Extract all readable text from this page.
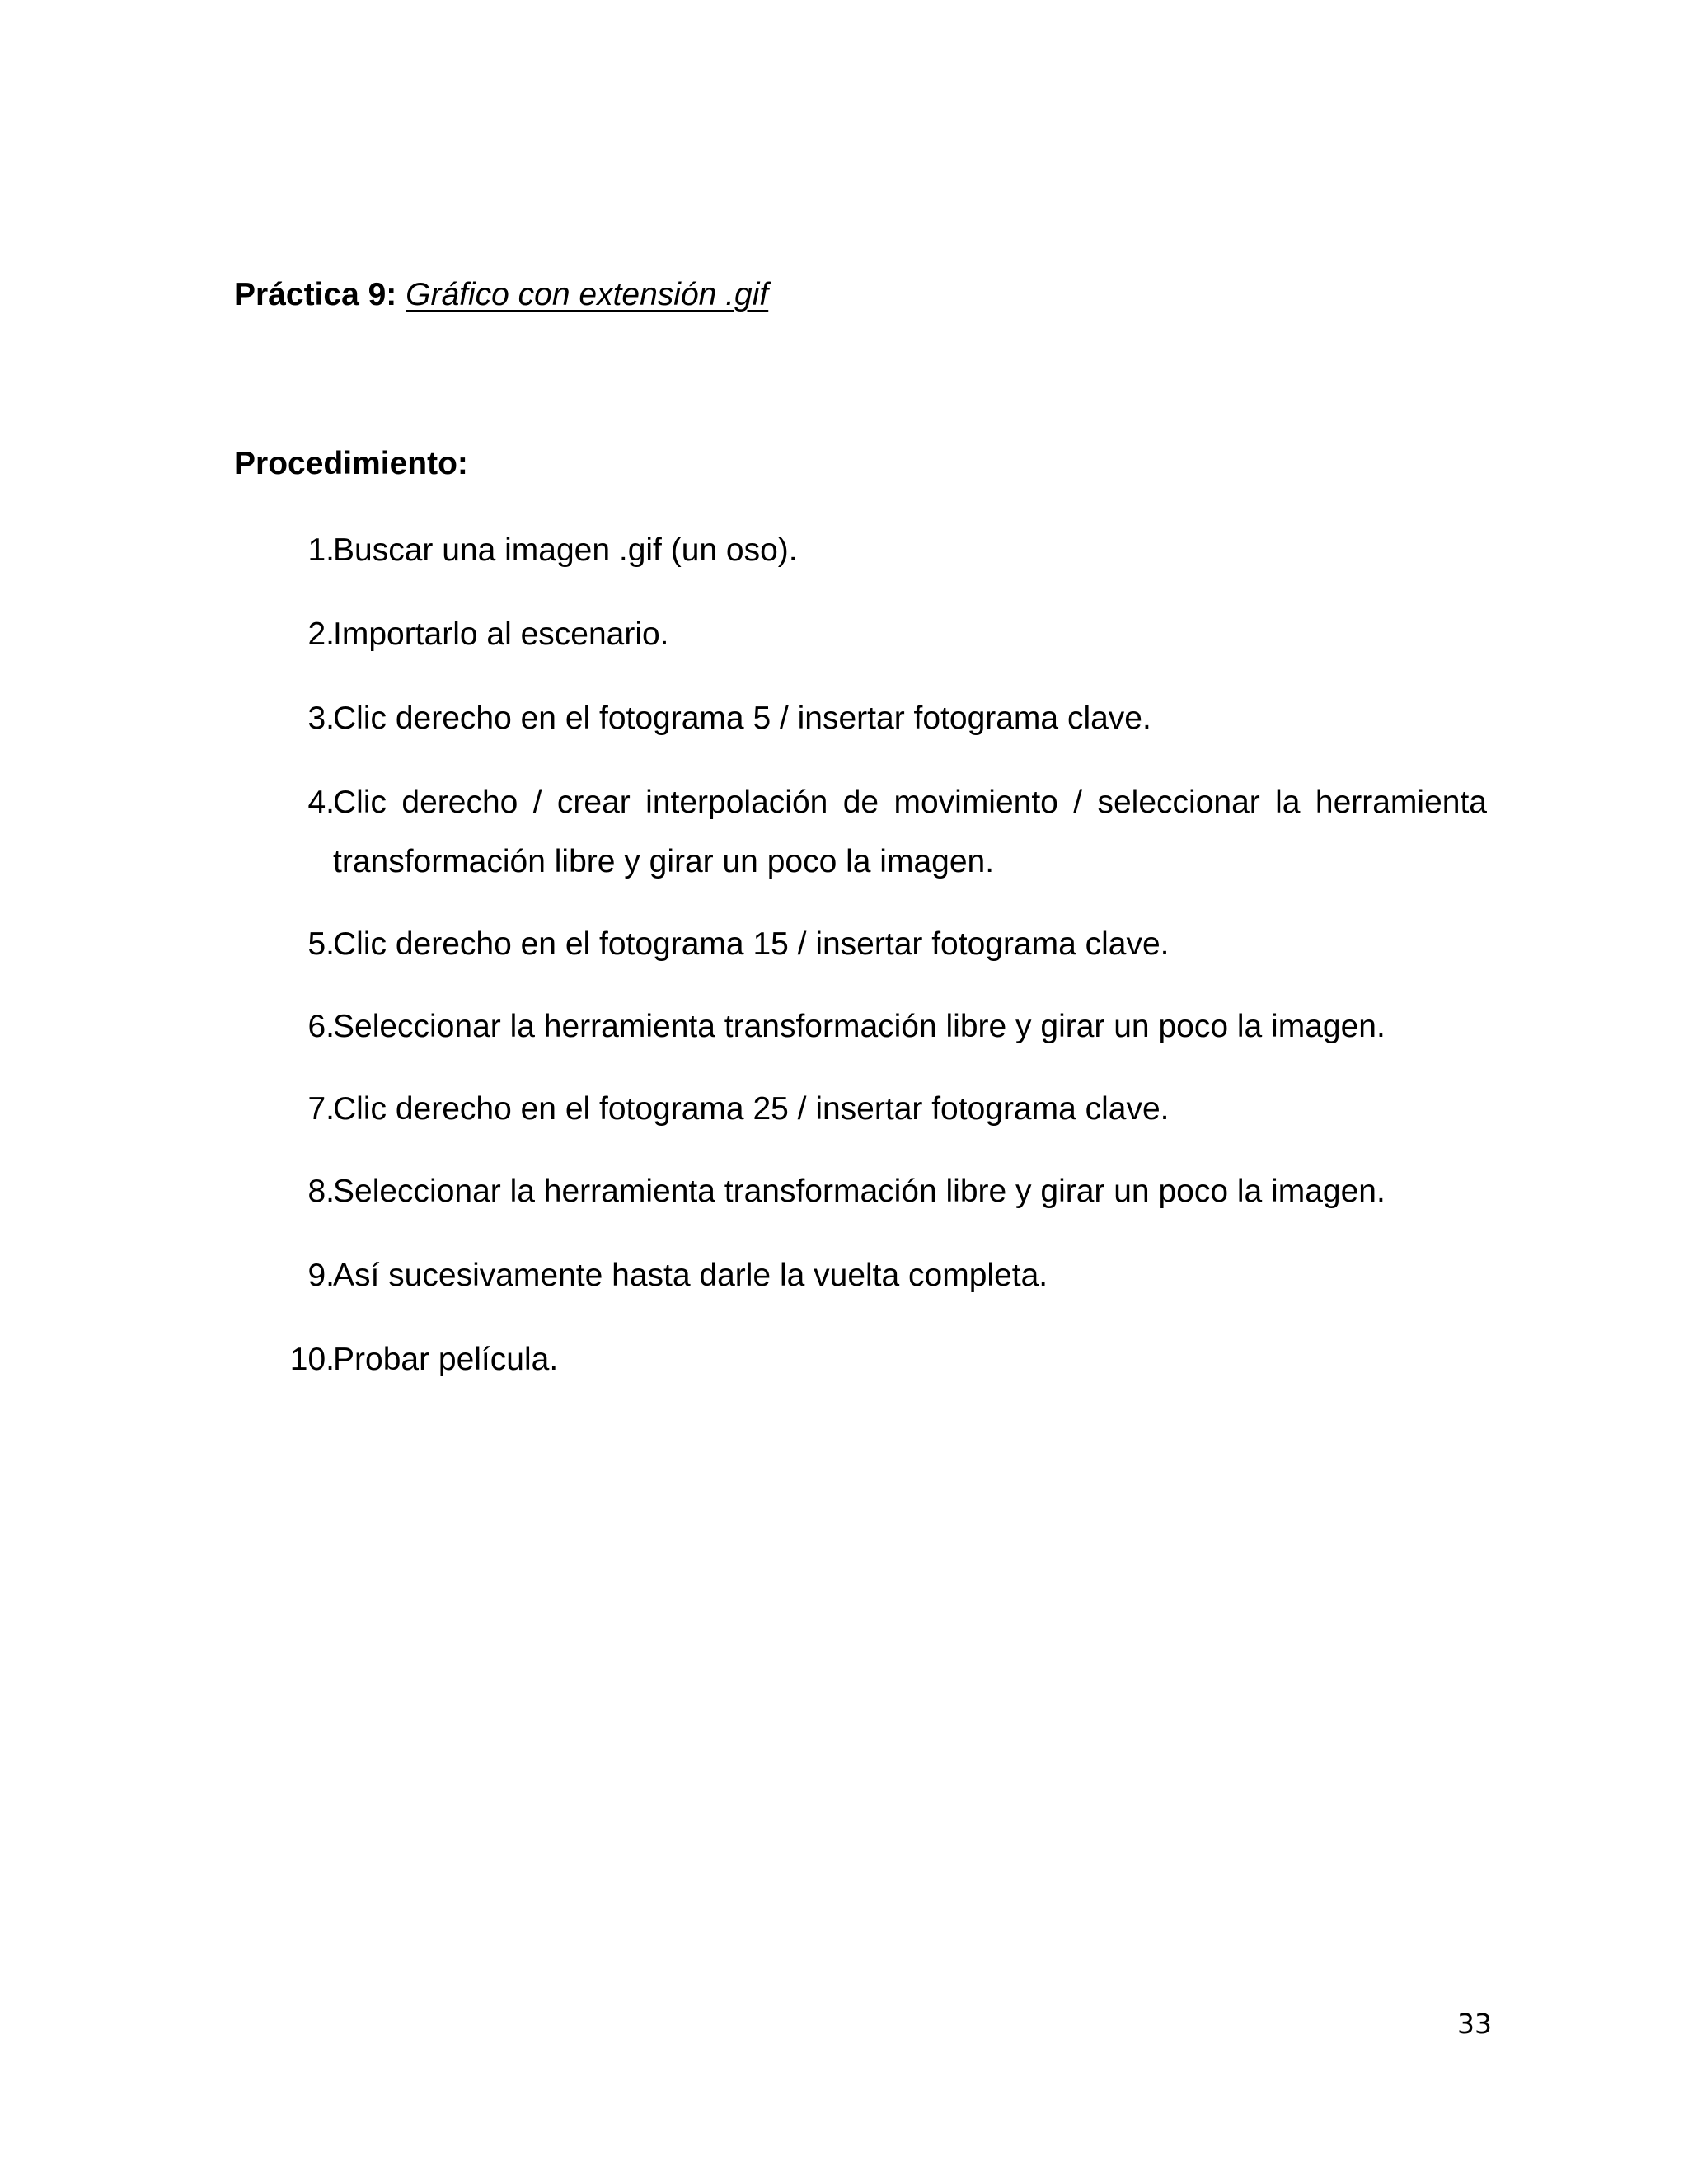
Práctica 9: Gráfico con extensión .gif
Procedimiento:
1.
Buscar una imagen .gif (un oso).
2.
Importarlo al escenario.
3.
Clic derecho en el fotograma 5 / insertar fotograma clave.
4.
Clic derecho / crear interpolación de movimiento / seleccionar la herramienta transformación libre y girar un poco la imagen.
5.
Clic derecho en el fotograma 15 / insertar fotograma clave.
6.
Seleccionar la herramienta transformación libre y girar un poco la imagen.
7.
Clic derecho en el fotograma 25 / insertar fotograma clave.
8.
Seleccionar la herramienta transformación libre y girar un poco la imagen.
9.
Así sucesivamente hasta darle la vuelta completa.
10.
Probar película.
33
